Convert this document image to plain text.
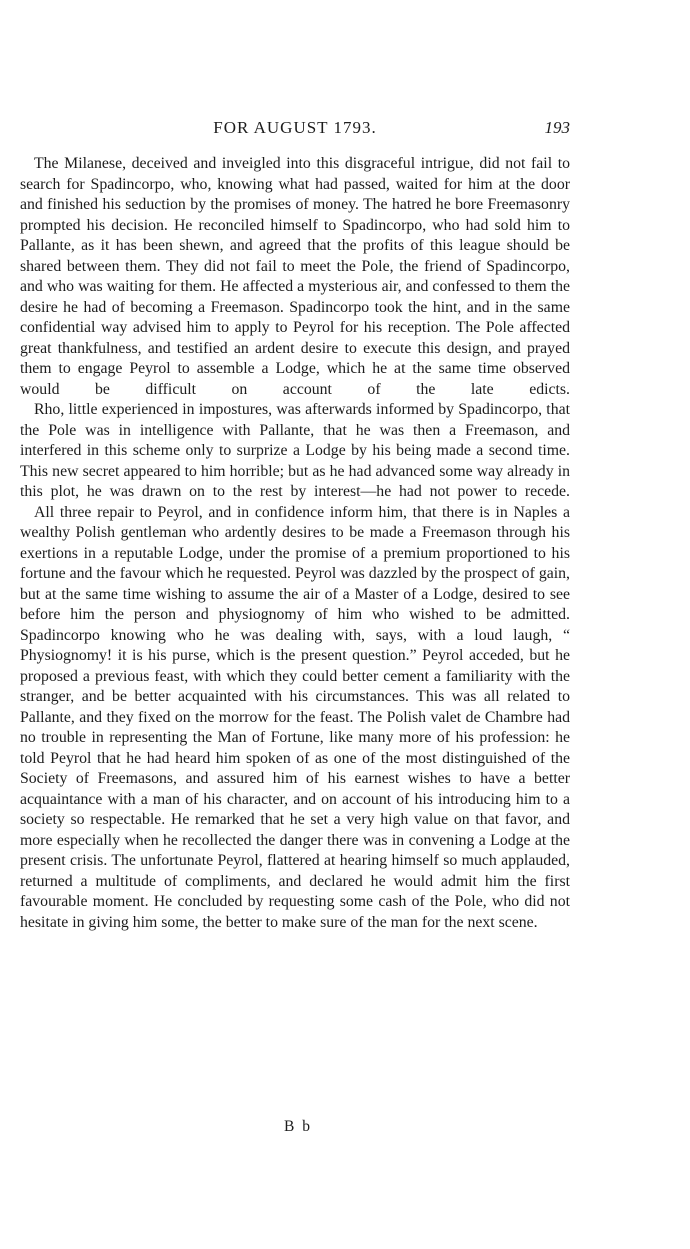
FOR AUGUST 1793.	193

The Milanese, deceived and inveigled into this disgraceful intrigue, did not fail to search for Spadincorpo, who, knowing what had passed, waited for him at the door and finished his seduction by the promises of money. The hatred he bore Freemasonry prompted his decision. He reconciled himself to Spadincorpo, who had sold him to Pallante, as it has been shewn, and agreed that the profits of this league should be shared between them. They did not fail to meet the Pole, the friend of Spadincorpo, and who was waiting for them. He affected a mysterious air, and confessed to them the desire he had of becoming a Freemason. Spadincorpo took the hint, and in the same confidential way advised him to apply to Peyrol for his reception. The Pole affected great thankfulness, and testified an ardent desire to execute this design, and prayed them to engage Peyrol to assemble a Lodge, which he at the same time observed would be difficult on account of the late edicts.

Rho, little experienced in impostures, was afterwards informed by Spadincorpo, that the Pole was in intelligence with Pallante, that he was then a Freemason, and interfered in this scheme only to surprize a Lodge by his being made a second time. This new secret appeared to him horrible; but as he had advanced some way already in this plot, he was drawn on to the rest by interest—he had not power to recede.

All three repair to Peyrol, and in confidence inform him, that there is in Naples a wealthy Polish gentleman who ardently desires to be made a Freemason through his exertions in a reputable Lodge, under the promise of a premium proportioned to his fortune and the favour which he requested. Peyrol was dazzled by the prospect of gain, but at the same time wishing to assume the air of a Master of a Lodge, desired to see before him the person and physiognomy of him who wished to be admitted. Spadincorpo knowing who he was dealing with, says, with a loud laugh, “ Physiognomy! it is his purse, which is the present question.” Peyrol acceded, but he proposed a previous feast, with which they could better cement a familiarity with the stranger, and be better acquainted with his circumstances. This was all related to Pallante, and they fixed on the morrow for the feast. The Polish valet de Chambre had no trouble in representing the Man of Fortune, like many more of his profession: he told Peyrol that he had heard him spoken of as one of the most distinguished of the Society of Freemasons, and assured him of his earnest wishes to have a better acquaintance with a man of his character, and on account of his introducing him to a society so respectable. He remarked that he set a very high value on that favor, and more especially when he recollected the danger there was in convening a Lodge at the present crisis. The unfortunate Peyrol, flattered at hearing himself so much applauded, returned a multitude of compliments, and declared he would admit him the first favourable moment. He concluded by requesting some cash of the Pole, who did not hesitate in giving him some, the better to make sure of the man for the next scene.

B b
